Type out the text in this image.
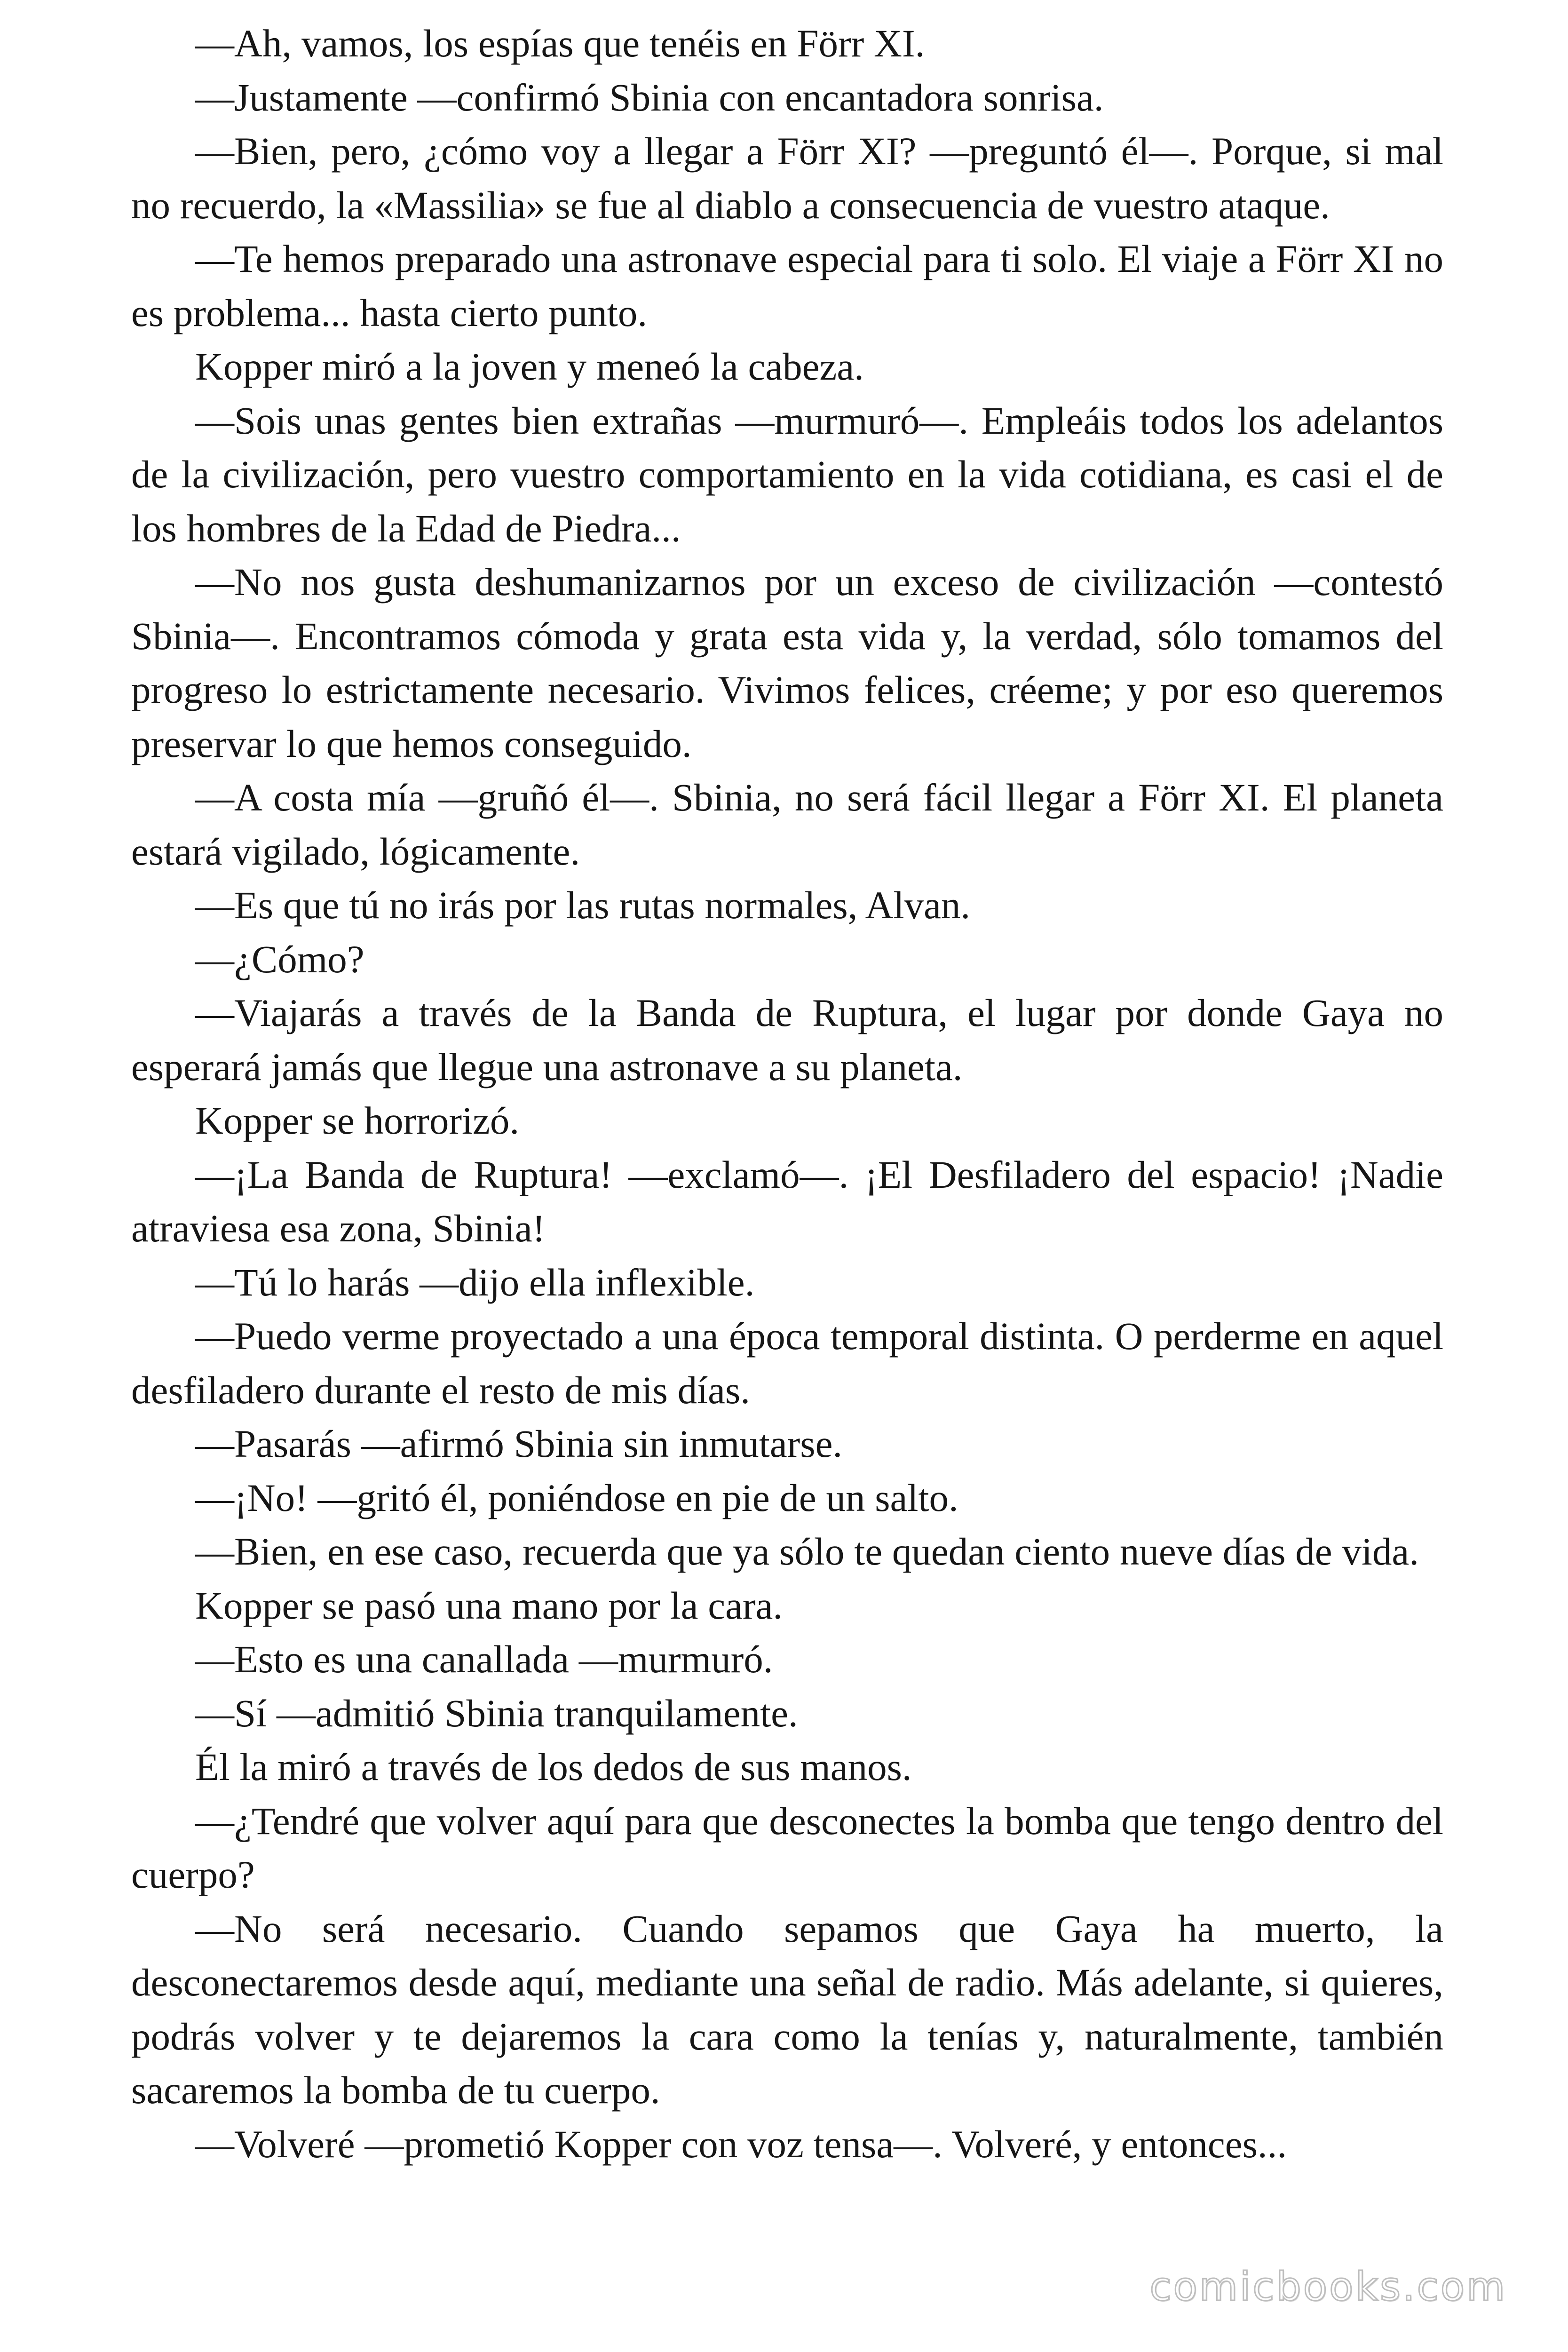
—Ah, vamos, los espías que tenéis en Förr XI.

—Justamente —confirmó Sbinia con encantadora sonrisa.

—Bien, pero, ¿cómo voy a llegar a Förr XI? —preguntó él—. Porque, si mal no recuerdo, la «Massilia» se fue al diablo a consecuencia de vuestro ataque.

—Te hemos preparado una astronave especial para ti solo. El viaje a Förr XI no es problema... hasta cierto punto.

Kopper miró a la joven y meneó la cabeza.

—Sois unas gentes bien extrañas —murmuró—. Empleáis todos los adelantos de la civilización, pero vuestro comportamiento en la vida cotidiana, es casi el de los hombres de la Edad de Piedra...

—No nos gusta deshumanizarnos por un exceso de civilización —contestó Sbinia—. Encontramos cómoda y grata esta vida y, la verdad, sólo tomamos del progreso lo estrictamente necesario. Vivimos felices, créeme; y por eso queremos preservar lo que hemos conseguido.

—A costa mía —gruñó él—. Sbinia, no será fácil llegar a Förr XI. El planeta estará vigilado, lógicamente.

—Es que tú no irás por las rutas normales, Alvan.

—¿Cómo?

—Viajarás a través de la Banda de Ruptura, el lugar por donde Gaya no esperará jamás que llegue una astronave a su planeta.

Kopper se horrorizó.

—¡La Banda de Ruptura! —exclamó—. ¡El Desfiladero del espacio! ¡Nadie atraviesa esa zona, Sbinia!

—Tú lo harás —dijo ella inflexible.

—Puedo verme proyectado a una época temporal distinta. O perderme en aquel desfiladero durante el resto de mis días.

—Pasarás —afirmó Sbinia sin inmutarse.

—¡No! —gritó él, poniéndose en pie de un salto.

—Bien, en ese caso, recuerda que ya sólo te quedan ciento nueve días de vida.

Kopper se pasó una mano por la cara.

—Esto es una canallada —murmuró.

—Sí —admitió Sbinia tranquilamente.

Él la miró a través de los dedos de sus manos.

—¿Tendré que volver aquí para que desconectes la bomba que tengo dentro del cuerpo?

—No será necesario. Cuando sepamos que Gaya ha muerto, la desconectaremos desde aquí, mediante una señal de radio. Más adelante, si quieres, podrás volver y te dejaremos la cara como la tenías y, naturalmente, también sacaremos la bomba de tu cuerpo.

—Volveré —prometió Kopper con voz tensa—. Volveré, y entonces...

comicbooks.com
